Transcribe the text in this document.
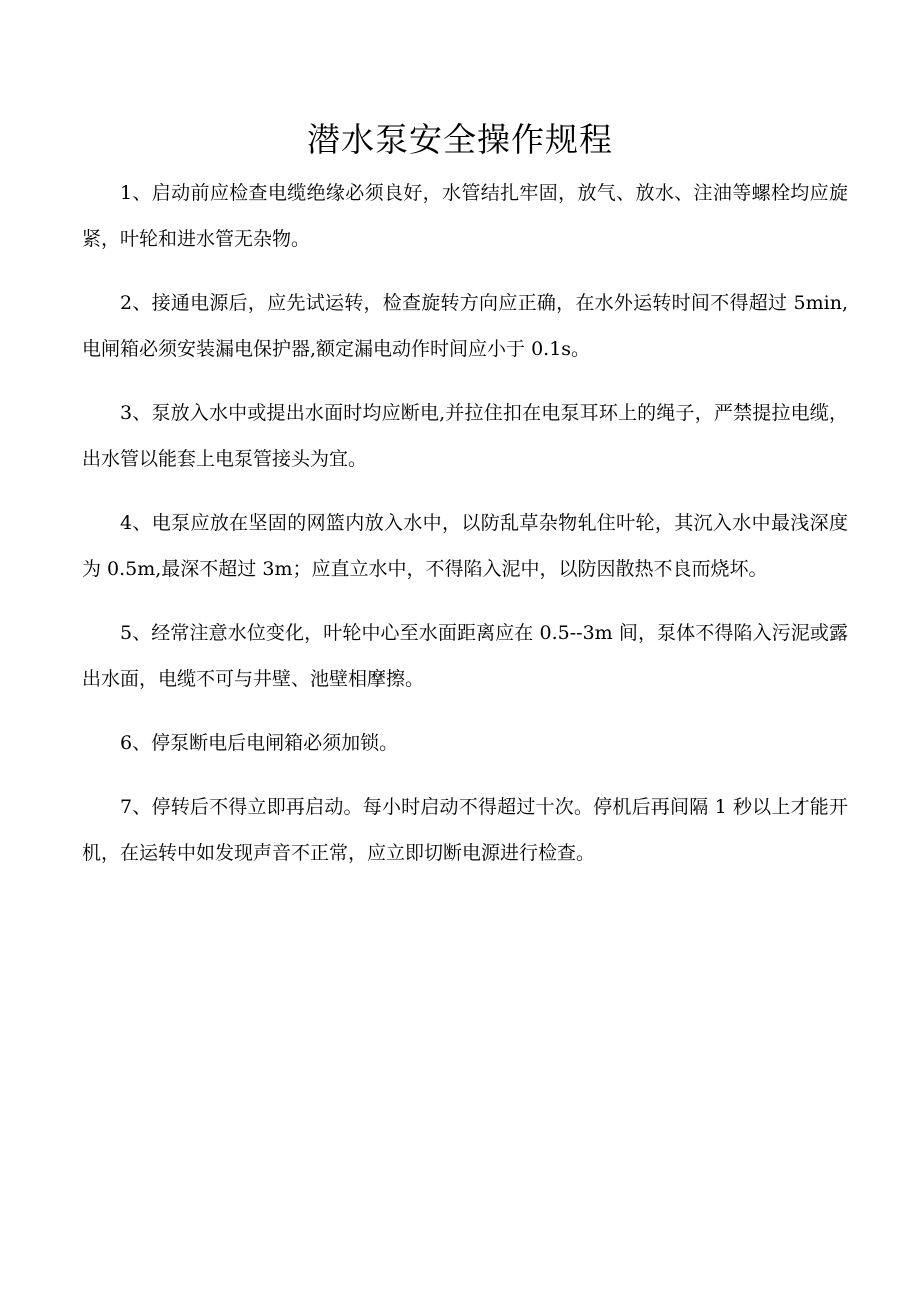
潜水泵安全操作规程

1、启动前应检查电缆绝缘必须良好，水管结扎牢固，放气、放水、注油等螺栓均应旋紧，叶轮和进水管无杂物。

2、接通电源后，应先试运转，检查旋转方向应正确，在水外运转时间不得超过 5min,电闸箱必须安装漏电保护器,额定漏电动作时间应小于 0.1s。

3、泵放入水中或提出水面时均应断电,并拉住扣在电泵耳环上的绳子，严禁提拉电缆，出水管以能套上电泵管接头为宜。

4、电泵应放在坚固的网篮内放入水中，以防乱草杂物轧住叶轮，其沉入水中最浅深度为 0.5m,最深不超过 3m；应直立水中，不得陷入泥中，以防因散热不良而烧坏。

5、经常注意水位变化，叶轮中心至水面距离应在 0.5--3m 间，泵体不得陷入污泥或露出水面，电缆不可与井壁、池壁相摩擦。

6、停泵断电后电闸箱必须加锁。

7、停转后不得立即再启动。每小时启动不得超过十次。停机后再间隔 1 秒以上才能开机，在运转中如发现声音不正常，应立即切断电源进行检查。
